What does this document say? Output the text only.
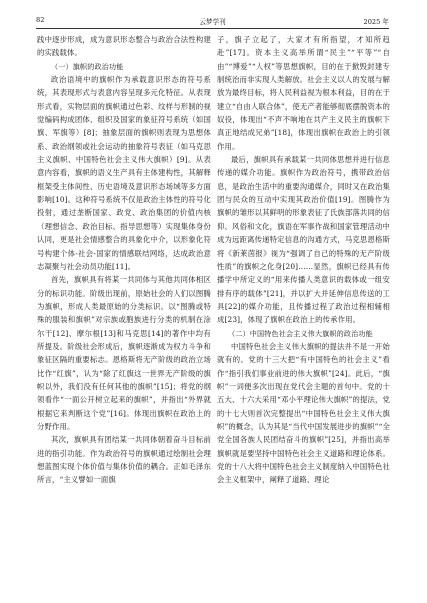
82	云梦学刊	2025 年

践中逐步形成，成为意识形态整合与政治合法性构建的实践载体。

（一）旗帜的政治功能

政治语境中的旗帜作为承载意识形态的符号系统，其表现形式与表意内容呈现多元化特征。从表现形式看，实物层面的旗帜通过色彩、纹样与形制的视觉编码构成团体、组织及国家的象征符号系统（如国旗、军旗等）[8]；抽象层面的旗帜则表现为思想体系、政治纲领或社会运动的抽象符号表征（如马克思主义旗帜、中国特色社会主义伟大旗帜）[9]。从表意内容看，旗帜的语义生产具有主体建构性，其解释框架受主体间性、历史语境及意识形态场域等多方面影响[10]。这种符号系统不仅是政治主体性的符号化投射，通过垄断国家、政党、政治集团的价值内核（理想信念、政治目标、指导思想等）实现集体身份认同，更是社会情感整合的具象化中介，以形象化符号构建个体-社会-国家的情感联结网络，达成政治意志凝聚与社会动员功能[11]。

首先，旗帜具有将某一共同体与其他共同体相区分的标识功能。阶级出现前，原始社会的人们以图腾为旗帜，形成人类最原始的分类标识。以“图腾或特殊的服装和旗帜”对宗族或胞族进行分类的机制在涂尔干[12]、摩尔根[13]和马克思[14]的著作中均有所提及。阶级社会形成后，旗帜逐渐成为权力斗争和象征区隔的重要标志。恩格斯将无产阶级的政治立场比作“红旗”，认为“除了红旗这一世界无产阶级的旗帜以外，我们没有任何其他的旗帜”[15]；将党的纲领看作“一面公开树立起来的旗帜”，并指出“外界就根据它来判断这个党”[16]。体现出旗帜在政治上的分野作用。

其次，旗帜具有团结某一共同体朝着奋斗目标前进的指引功能。作为政治符号的旗帜通过绘制社会理想蓝图实现个体价值与集体价值的耦合。正如毛泽东所言，“主义譬如一面旗

子，旗子立起了，大家才有所指望，才知所趋赴”[17]。资本主义高举所谓“民主”“平等”“自由”“博爱”“人权”等思想旗帜，目的在于掀毁封建专制统治而非实现人类解放。社会主义以人的发展与解放为最终目标，将人民利益视为根本利益，目的在于建立“自由人联合体”，使无产者能够彻底摆脱资本的奴役，体现出“不声不响地在共产主义民主的旗帜下真正地结成兄弟”[18]，体现出旗帜在政治上的引领作用。

最后，旗帜具有承载某一共同体思想并进行信息传递的媒介功能。旗帜作为政治符号，携带政治信息，是政治生活中的重要沟通媒介，同时又在政治集团与民众的互动中实现其政治价值[19]。图腾作为旗帜的雏形以其鲜明的形象表征了氏族部落共同的信仰、风俗和文化，旗语在军事作战和国家管理活动中成为远距离传递特定信息的沟通方式，马克思恩格斯将《新莱茵报》视为“强调了自己的特殊的无产阶级性质”的旗帜之化身[20]……显然，旗帜已经具有传播学中所定义的“用来传播人类意识的载体或一组安排有序的载体”[21]，并以扩大并延伸信息传送的工具[22]的媒介功能，且传播过程了政治过程相辅相成[23]，体现了旗帜在政治上的传承作用。

（二）中国特色社会主义伟大旗帜的政治功能

中国特色社会主义伟大旗帜的提法并不是一开始就有的。党的十三大把“有中国特色的社会主义”看作“指引我们事业前进的伟大旗帜”[24]。此后，“旗帜”一词便多次出现在党代会主题的首句中。党的十五大、十六大采用“邓小平理论伟大旗帜”的提法，党的十七大则首次完整提出“中国特色社会主义伟大旗帜”的概念，认为其是“当代中国发展进步的旗帜”“全党全国各族人民团结奋斗的旗帜”[25]，并指出高举旗帜就是要坚持中国特色社会主义道路和理论体系。党的十八大将中国特色社会主义制度纳入中国特色社会主义框架中，阐释了道路、理论
